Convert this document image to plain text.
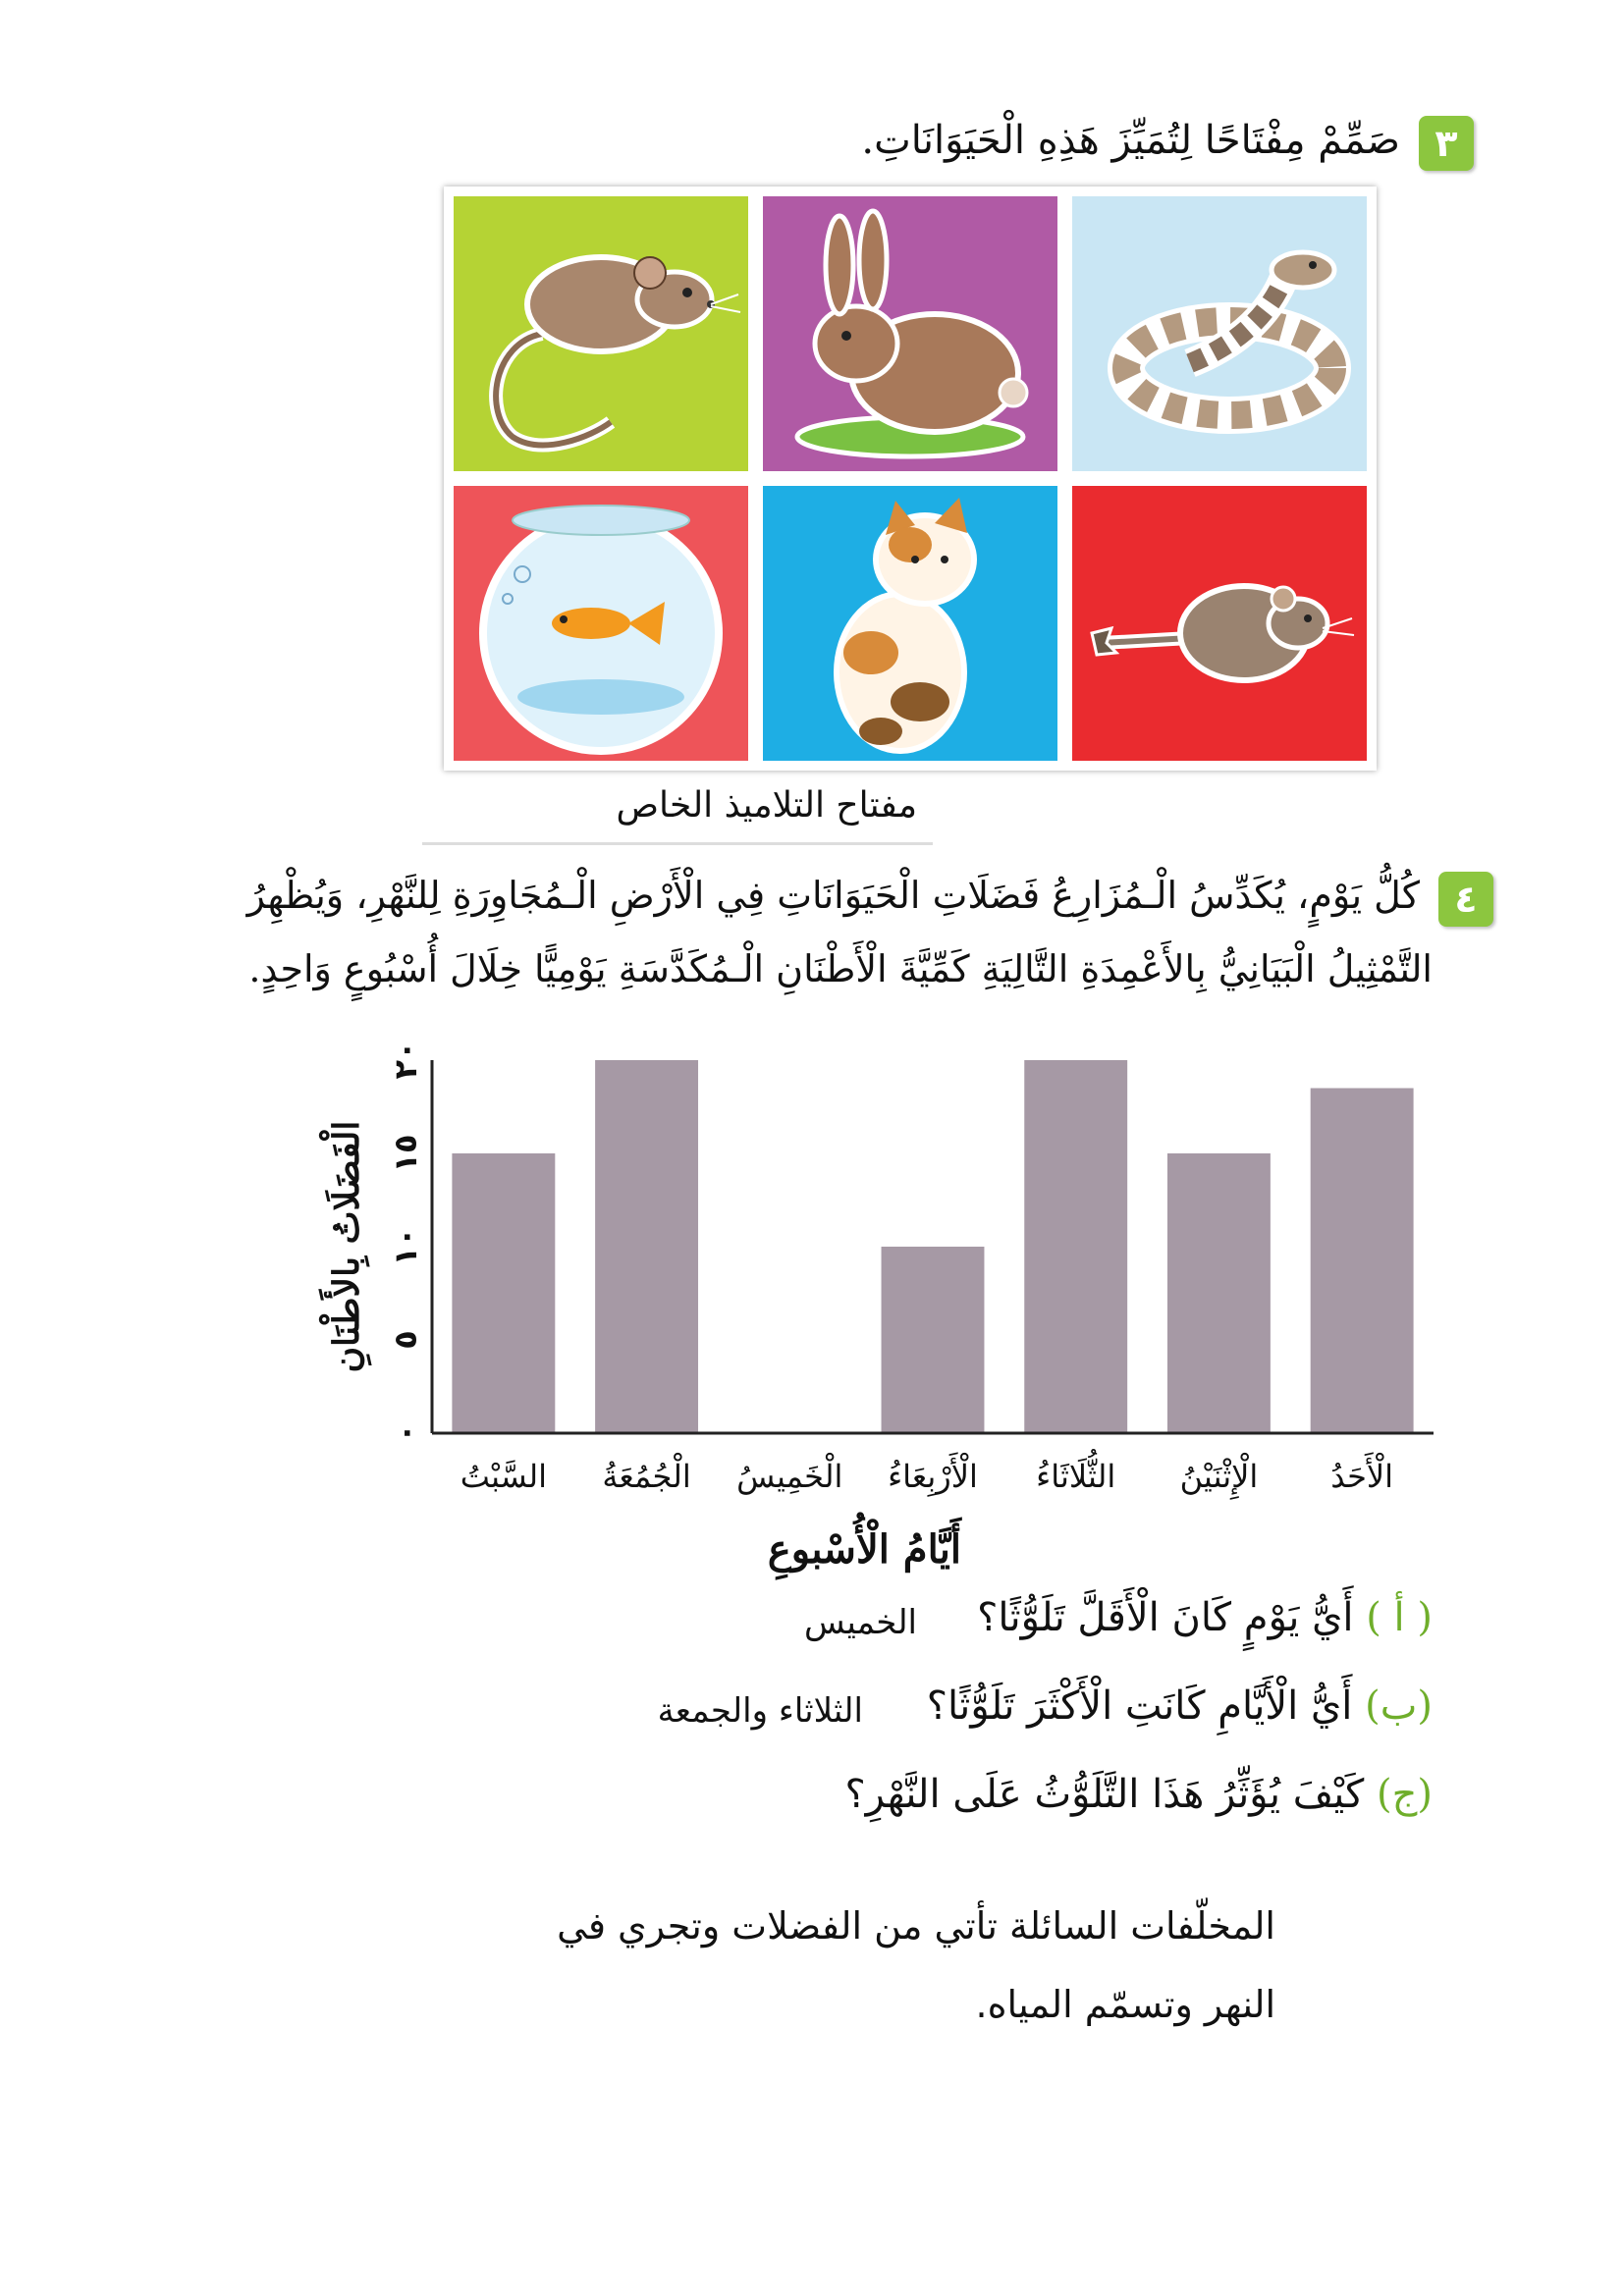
٣
صَمِّمْ مِفْتَاحًا لِتُمَيِّزَ هَذِهِ الْحَيَوَانَاتِ.
مفتاح التلاميذ الخاص
٤
كُلُّ يَوْمٍ، يُكَدِّسُ الْـمُزَارِعُ فَضَلَاتِ الْحَيَوَانَاتِ فِي الْأَرْضِ الْـمُجَاوِرَةِ لِلنَّهْرِ، وَيُظْهِرُ
التَّمْثِيلُ الْبَيَانِيُّ بِالأَعْمِدَةِ التَّالِيَةِ كَمِّيَّةَ الْأَطْنَانِ الْـمُكَدَّسَةِ يَوْمِيًّا خِلَالَ أُسْبُوعٍ وَاحِدٍ.
٠
٥
١٠
١٥
٢٠
السَّبْتُ الْجُمُعَةُ الْخَمِيسُ الْأَرْبِعَاءُ الثُّلَاثَاءُ الْإِثْنَيْنُ الْأَحَدُ
الْفَضَلَاتُ بِالأَطْنَانِ
أَيَّامُ الْأُسْبوعِ
( أ ) أَيُّ يَوْمٍ كَانَ الْأَقَلَّ تَلَوُّثًا؟
الخميس
(ب) أَيُّ الْأَيَّامِ كَانَتِ الْأَكْثَرَ تَلَوُّثًا؟
الثلاثاء والجمعة
(ج) كَيْفَ يُؤَثِّرُ هَذَا التَّلَوُّثُ عَلَى النَّهْرِ؟
المخلّفات السائلة تأتي من الفضلات وتجري في
النهر وتسمّم المياه.
